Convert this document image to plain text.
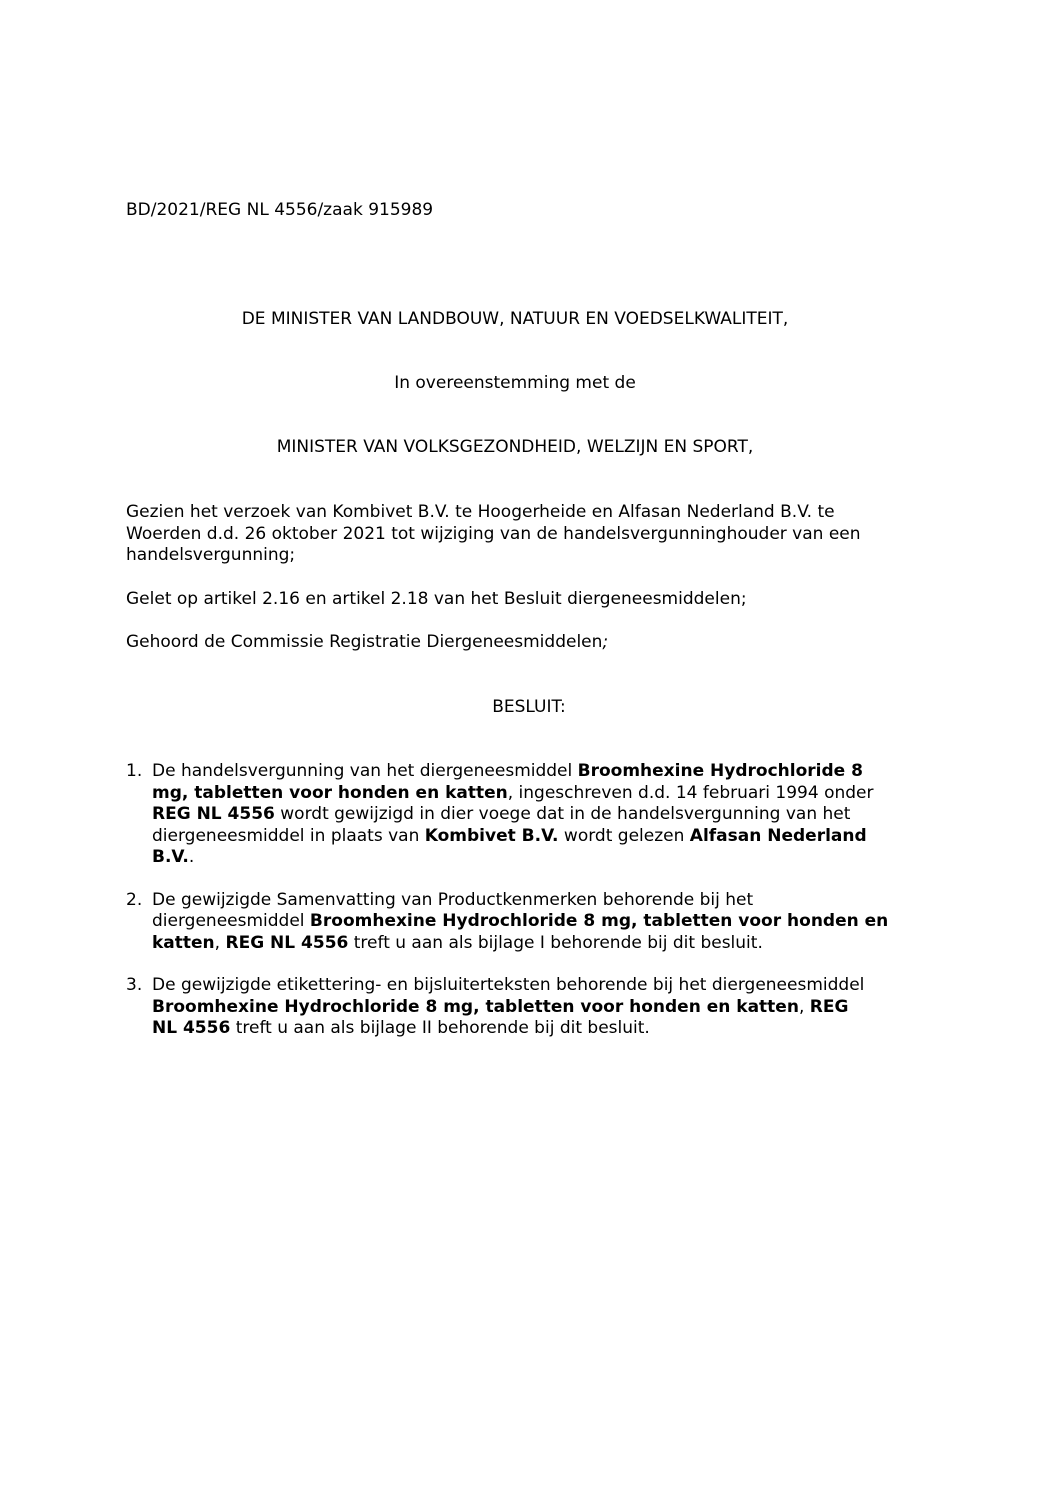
BD/2021/REG NL 4556/zaak 915989
DE MINISTER VAN LANDBOUW, NATUUR EN VOEDSELKWALITEIT,
In overeenstemming met de
MINISTER VAN VOLKSGEZONDHEID, WELZIJN EN SPORT,
Gezien het verzoek van Kombivet B.V. te Hoogerheide en Alfasan Nederland B.V. te
Woerden d.d. 26 oktober 2021 tot wijziging van de handelsvergunninghouder van een
handelsvergunning;
Gelet op artikel 2.16 en artikel 2.18 van het Besluit diergeneesmiddelen;
Gehoord de Commissie Registratie Diergeneesmiddelen;
BESLUIT:
1. De handelsvergunning van het diergeneesmiddel Broomhexine Hydrochloride 8
mg, tabletten voor honden en katten, ingeschreven d.d. 14 februari 1994 onder
REG NL 4556 wordt gewijzigd in dier voege dat in de handelsvergunning van het
diergeneesmiddel in plaats van Kombivet B.V. wordt gelezen Alfasan Nederland
B.V..
2. De gewijzigde Samenvatting van Productkenmerken behorende bij het
diergeneesmiddel Broomhexine Hydrochloride 8 mg, tabletten voor honden en
katten, REG NL 4556 treft u aan als bijlage I behorende bij dit besluit.
3. De gewijzigde etikettering- en bijsluiterteksten behorende bij het diergeneesmiddel
Broomhexine Hydrochloride 8 mg, tabletten voor honden en katten, REG
NL 4556 treft u aan als bijlage II behorende bij dit besluit.
